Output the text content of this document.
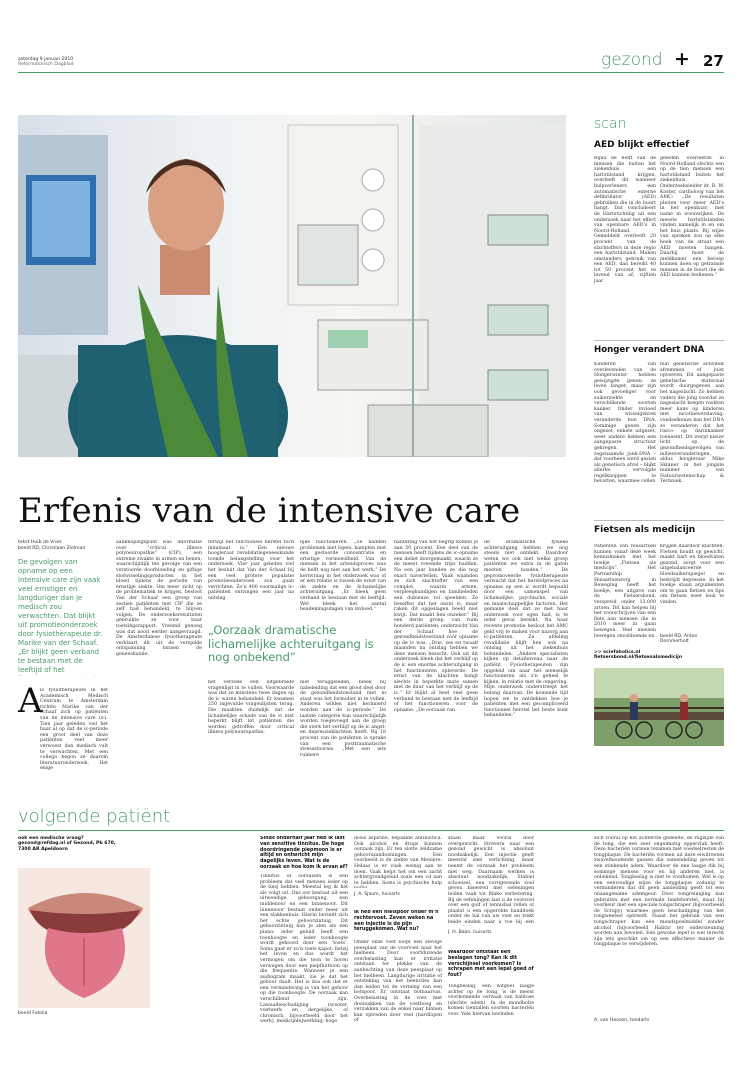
zaterdag 9 januari 2010
Reformatorisch Dagblad	gezond + 27
Erfenis van de intensive care
tekst Huib de Vries
beeld RD, Christiaan Zielman
De gevolgen van opname op een intensive care zijn vaak veel ernstiger en langduriger dan je medisch zou verwachten. Dat blijkt uit promotieonderzoek door fysiotherapeute dr. Marike van der Schaaf. „Er blijkt geen verband te bestaan met de leeftijd of het
A
ls fysiotherapeute in het Academisch Medisch Centrum te Amsterdam richtte Marike van der Schaaf zich op patiënten van de intensive care (ic). Tien jaar geleden viel het haar al op dat de ic-periode een groot deel van deze patiënten veel meer verwoest dan medisch valt te verwachten. Met een collega begon ze daarom literatuuronderzoek. Het enige
aanknopingspunt was informatie over “critical illness polyneuropathie” (CIP), een extreme zwakte in armen en benen; waarschijnlijk ten gevolge van een verstoorde doorbloeding en giftige stofwisselingsproducten in het bloed tijdens de periode van ernstige ziekte. Om meer zicht op de problematiek te krijgen, besloot Van der Schaaf een groep van zestien patiënten met CIP die ze zelf had behandeld, te blijven volgen. De onderzoeksresultaten gebruikte ze voor haar toetsingsrapport. Vreemd genoeg was dat nooit eerder aangevraagd. De Amsterdamse fysiotherapeute verklaart dit uit de verspilde ontspanning binnen de geneeskunde.
terwijl het functioneel herstel toch minimaal is.” Een nieuwe hoogleraar revalidatiegeneeskunde toonde belangstelling voor het onderzoek. Vier jaar geleden viel het besluit dat Van der Schaaf bij een veel grotere populatie promotieonderzoek zou gaan verrichten. Zo’n 400 voormalige ic-patiënten ontvingen een jaar na ontslag
„Oorzaak dramatische lichamelijke achteruitgang is nog onbekend”
het verzoek een uitgebreide vragenlijst in te vullen. Voorwaarde was dat ze minstens twee dagen op de ic waren behandeld. Er kwamen 250 ingevulde vragenlijsten terug. Die maakten duidelijk dat de lichamelijke schade van de ic niet beperkt blijft tot patiënten die worden getroffen door critical illness polyneuropathie.
lijke functioneren. „Ze hadden problemen met lopen, kampten met een gestoorde concentratie en ernstige vermoeidheid. Van de mensen in het arbeidsproces was de helft nog niet aan het werk.” De kernvraag in het onderzoek was of er een relatie is tussen de ernst van de ziekte en de lichamelijke achteruitgang. „Er bleek geen verband te bestaan met de leeftijd. Wel bleek het aantal beademingsdagen van invloed.”
niet teruggeleden, bleek bij nabeleiding dat een groot deel door de gezondheidstoestand niet in staat was het formulier in te vullen. Anderen wilden niet herinnerd worden aan de ic-periode.” De laatste categorie kan waarschijnlijk worden toegevoegd aan de groep die sterk het verblijf op de ic angst- en depressieklachten heeft. Bij 18 procent van de patiënten is sprake van een posttraumatische stressstoornis. „Met een iets ruimere
hantering van het begrip komen je aan 50 procent. Een deel van de mensen heeft tijdens de ic-opname een deliet doorgemaakt, waarin ze de meest vreemde trips hadden. Na een jaar konden ze die nog exact navertellen. Vaak waanden ze zich slachtoffer van een complot, waarin artsen, verpleegkundigen en familieleden een dubieuze rol speelden. Ze beseffen dat het onzin is, maar raken dit opgeslagen beeld niet kwijt. Dat maakt hen onzeker.” Bij een derde groep, van ruim honderd patiënten, onderzocht Van der Schaaf hoe de gezondheidstoestand vóór opname op de ic was. „Drie, zes en twaalf maanden na ontslag hebben we deze mensen bezocht. Ook uit dit onderzoek bleek dat het verblijf op de ic een enorme achteruitgang in het functioneren opleverde. De ernst van de klachten hangt slechts in beperkte mate samen met de duur van het verblijf op de ic.” Er blijkt al heel veel geen verband te bestaan met de leeftijd of het functioneren voor de opname. „De oorzaak van
de dramatische fysieke achteruitgang hebben we nog steeds niet ontdekt. Daardoor weten we ook niet welke groep patiënten we extra in de gaten moeten houden.” De gepromoveerde fysiotherapeute verwacht dat het herstelproces na opname op een ic wordt bepaald door een samenspel van lichamelijke, psychische, sociale en maatschappelijke factoren. Het gemaine doel dat ze met haar onderzoek voor ogen had, is te ieder geval bereikt. Na haar recente promotie besloot het AMC geld vrij te maken voor nazorg aan ic-patiënten. Ze afdeling revalidatie blijft hen ook na ontslag uit het ziekenhuis behandelen. „Andere specialisten kijken op detailniveau naar de patiënt. Fysiotherapeuten zijn opgeleid om naar het menselijk functioneren als z’n geheel te kijken, in relatie met de omgeving. Mijn onderzoek onderstreept het belang daarvan. De komende tijd hopen we te ontdekken hoe je patiënten met een gecompliceerd functioneel herstel het beste kunt behandelen.”
scan
AED blijkt effectief
Bijna de helft van de mensen die buiten het ziekenhuis een hartstilstand krijgen, overleeft dit wanneer hulpverleners een automatische externe defibrillator (AED) gebruiken die in de buurt hangt. Dat concludeert de Hartstichting uit een onderzoek naar het effect van openbare AED’s in Noord-Holland. Gemiddeld overleeft 20 procent van de slachtoffers in deze regio een hartstilstand. Maken omstanders gebruik van een AED, dan bereikt 40 tot 50 procent het ve levend van af; vijftien jaar
geleden overleefde in Noord-Holland slechts een op de tien mensen een hartstilstand buiten het ziekenhuis. Onderzoeksleider dr. R. W. Koster, cardioloog van het AMC: „De resultaten pleiten voor meer AED’s in het openbaar; met name in woonwijken. De meeste hartstilstanden vinden namelijk in en om het huis plaats. Bij wijze van spreken zou op elke hoek van de straat een AED moeten hangen. Daarbij moet de meldkamer een beroep kunnen doen op getrainde mensen in de buurt die de AED kunnen bedienen.”
Honger verandert DNA
Kinderen van overlevenden van de Hongerwinter hebben gewijzigde genen: ze leven langer, maar zijn ook gevoeliger voor suikerziekte en verschillende soorten kanker. Onder invloed van wisselgebrek veranderde hun DNA. Sommige genen zijn ongezet, enkele uitgezet, weer andere hebben een aangepaste structuur gekregen. Het zogenaamde junk-DNA – dat voorheen werd gezien als genetisch afval – blijkt allerlei vervolgde regelknoppen te bevatten, waarmee cellen
hun genetische activiteit afremmen of juist opvoeren. Dit aangepaste genetische materiaal wordt doorgegeven aan het nageslacht. Zo hebben vaders die jong voordat ze nageslacht kregen rookten meer kans op kinderen met nicotineverslaving; voedselkeuze kan het DNA zo veranderen dat het risico op darmkanker toeneemt. Dit werpt nieuw licht op de gezondheidsgevolgen van milieuveranderingen, aldus hoogleraar Mike Skinner in het jongste nummer van Natuurwetenschap & Techniek.
Fietsen als medicijn
Patiënten van huisartsen kunnen vanaf deze week kennismaken met het boekje „Fietsen als medicijn”. Het Partnership Huisartsenzorg in Beweging heeft het boekje, een uitgave van de Fietsersbond, verspreid onder 12.000 artsen. Dit kan helpen bij het voorschrijven van een fiets aan mensen die in 2010 meer in gaan bewegen. Veel mensen bewegen onvoldoende en
krijgen daardoor klachten. Fietsen houdt op gewicht, maakt hart en bloedvaten gezond, zorgt voor een uitgebalanceerde bloedsuikerspiegel en bestrijdt depressie. In het boekje staan argumenten om te gaan fietsen en tips om fietsen weer leuk te vinden.
beeld RD, Anton Dommerholt
>> sciefaholics.nl fietsersbond.nl/fietsenalsmedicijn
volgende patiënt
ook een medische vraag? gezond@refdag.nl of Gezond, Pb 670, 7300 AR Apeldoorn
beeld Fotolia
Sinds onderhalf jaar heb ik last van sensitive tinnitus. De hoge doordringende piepmoon is er altijd en ontwricht mijn dagelijks leven. Wat is de oorzaak en hoe kom ik ervan af?
Tinnitus of oorsuizen is een probleem dat veel mensen ieder op de tiesj hebben. Meestal leg ik het als volgt uit. Ons oor bestaat uit een uitwendige gehoorgang, een middenoor en een binnenoor. Dit binnenoor bestaat onder meer uit een slakkenhuis. Hierin bevindt zich het echte gehoorzintuig. Dit gehoorzintuig kun je zien als een piano: ieder geluid heeft een toonhoogte en ieder toonhoogte wordt gehoord door een ‘toets’. Soms gaat er zo’n toets kapot: hetzij het leven en dus wordt het vermogen om die toon te horen verwagen door een piepfluittoon op die frequentie. Wanneer je een audiogram maakt, zie je dat het gehoor daalt. Het is dus ook dat er een vermindering is van het gehoor op die toonhoogte. De oorzaak kan verschillend zijn. Lawaaibeschadiging (scooter, voetwerk en dergelijke, of chronisch, bijvoorbeeld door het werk), medicijnbijwerking; hoge
dosis aspirine, bepaalde antibiotica. Ook alcohol en drugs kunnen oorzaak zijn. Er ten slotte zeldzame gehoorszandoeningen. Een voorbeeld is de ziekte van Menière. Helaas is er vaak weinig aan te doen. Vaak helpt het om een zacht achtergrondgeluid zoals een cd aan te hebben. Soms is psychische hulp
J. A. Sjaum, huisarts
Ik heb een hielspoor onder m’n rechtervoet. Zeven weken na een injectie is de pijn teruggekomen. Wat nu?
Onder onze voet loopt een stevige peesplaat van de voorvoet naar het hielbeen. Door voortdurende overbelasting kan er irritatie ontstaan ter plekke van de aanhechting van deze peesplaat op het hielbeen. Langdurige irritatie of ontsteking van het beenvlies kan dan leiden tot de vorming van een botspoor. Er ontstaat botnaarvas. Overbelasting in de voet met doorzakken van de voetboog en verzakken van de enkel naar binnen kan optreden door veel (hardlopen of
staan maar vooral door overgewicht. Strevern naar een gezond gewicht is absoluut noodzakelijk. Een injectie geeft meestal snel verlichting, maar neemt de oorzaak het probleem niet weg. Daarnaam werken is absoluut noodzakelijk. Stabiel schoeisel, een corrigerende zool geven biseered met oefeningen leiden vaak tot flinke verbetering. Bij de oefeningen laat u de voorzool over een golf of tennisbal rollen of plaatst u een opgerolde handdoek onder de bal van uw voet en trekt beide einden naar u toe bij een
J. H. Baan, huisarts
Waardoor ontstaat een beslagen tong? Kan ik dit verschijnsel voorkomen? Is schrapen met een lepel goed of fout?
Tongbeslag, een witgeel laagje achter op de tong, is de meest voorkomende oorzaak van halitose (slechte adem). In de mondholte komen tientallen soorten bacteriën voor. Vele hiervan bevinden
zich vooral op het achterste gedeelte, de rugzijde van de tong, die een zeer ongelmatig oppervlak heeft. Deze bacteriën vormen tezamen met voedselresten de tongplaque. De bacteriën vormen uit deze eiwitresten zwavelhoudende gassen die samendeling geven tot een stinkende adem. Waardoor de ene laagje dik bij sommige mensen voor en bij anderen niet, is onbekend. Tongbeslag is niet te voorkomen. Wel is op een eenvoudige wijze de tongplaque zodanig te verminderen dat dit geen aanleiding geeft tot een onaangename ademgeur. Door tongreiniging kan gebruiten met een normale tandeborstel, maar bij voorkeur met een speciale tongschraper (bijvoorbeeld de Scrapy) waarmee geen beschadiging van het tongweefsel optreedt. Naast het gebruik van een tongschraper kan een mondspoelmiddel zonder alcohol (bijvoorbeeld Halita) ter ondersteuning worden aan bevolen. Een gewone lepel is wel terecht zijn iets geschikt om op een effectieve manier de tongplaque te verwijderen.
A. van Hoosen, tandarts
